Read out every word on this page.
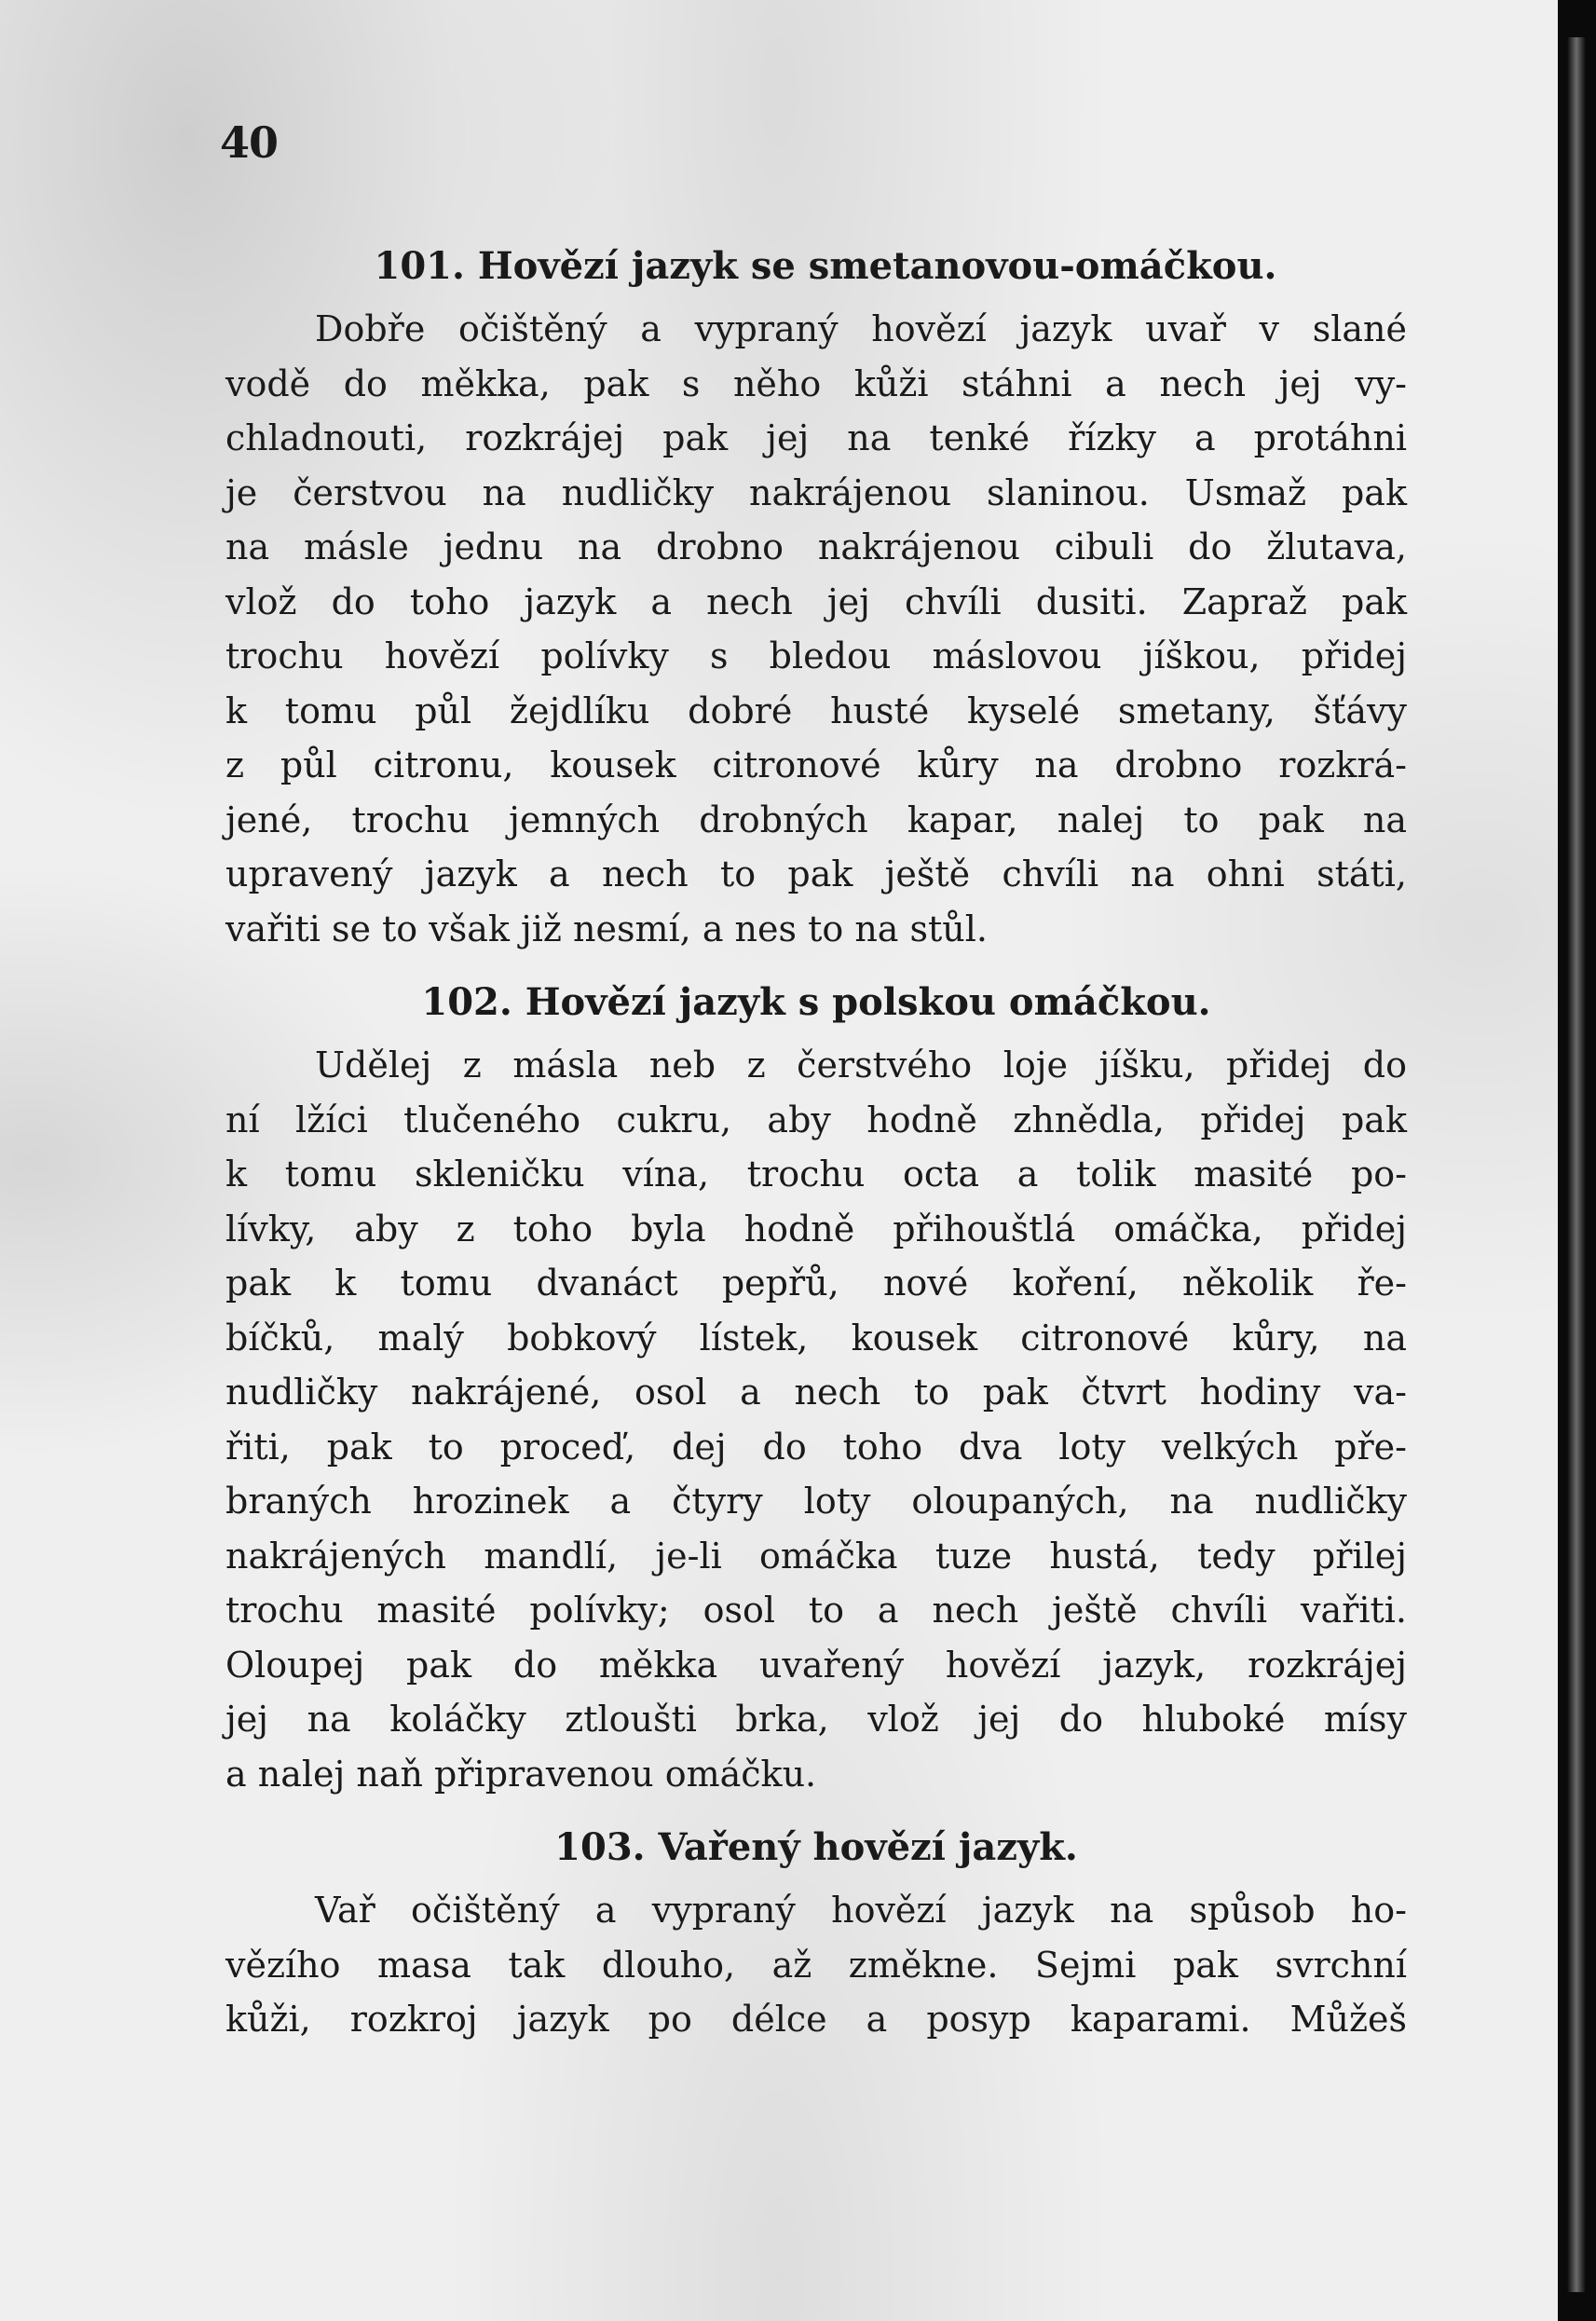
40
101. Hovězí jazyk se smetanovou-omáčkou.
Dobře očištěný a vypraný hovězí jazyk uvař v slané
vodě do měkka, pak s něho kůži stáhni a nech jej vy-
chladnouti, rozkrájej pak jej na tenké řízky a protáhni
je čerstvou na nudličky nakrájenou slaninou. Usmaž pak
na másle jednu na drobno nakrájenou cibuli do žlutava,
vlož do toho jazyk a nech jej chvíli dusiti. Zapraž pak
trochu hovězí polívky s bledou máslovou jíškou, přidej
k tomu půl žejdlíku dobré husté kyselé smetany, šťávy
z půl citronu, kousek citronové kůry na drobno rozkrá-
jené, trochu jemných drobných kapar, nalej to pak na
upravený jazyk a nech to pak ještě chvíli na ohni státi,
vařiti se to však již nesmí, a nes to na stůl.
102. Hovězí jazyk s polskou omáčkou.
Udělej z másla neb z čerstvého loje jíšku, přidej do
ní lžíci tlučeného cukru, aby hodně zhnědla, přidej pak
k tomu skleničku vína, trochu octa a tolik masité po-
lívky, aby z toho byla hodně přihouštlá omáčka, přidej
pak k tomu dvanáct pepřů, nové koření, několik ře-
bíčků, malý bobkový lístek, kousek citronové kůry, na
nudličky nakrájené, osol a nech to pak čtvrt hodiny va-
řiti, pak to proceď, dej do toho dva loty velkých pře-
braných hrozinek a čtyry loty oloupaných, na nudličky
nakrájených mandlí, je-li omáčka tuze hustá, tedy přilej
trochu masité polívky; osol to a nech ještě chvíli vařiti.
Oloupej pak do měkka uvařený hovězí jazyk, rozkrájej
jej na koláčky ztloušti brka, vlož jej do hluboké mísy
a nalej naň připravenou omáčku.
103. Vařený hovězí jazyk.
Vař očištěný a vypraný hovězí jazyk na spůsob ho-
vězího masa tak dlouho, až změkne. Sejmi pak svrchní
kůži, rozkroj jazyk po délce a posyp kaparami. Můžeš
